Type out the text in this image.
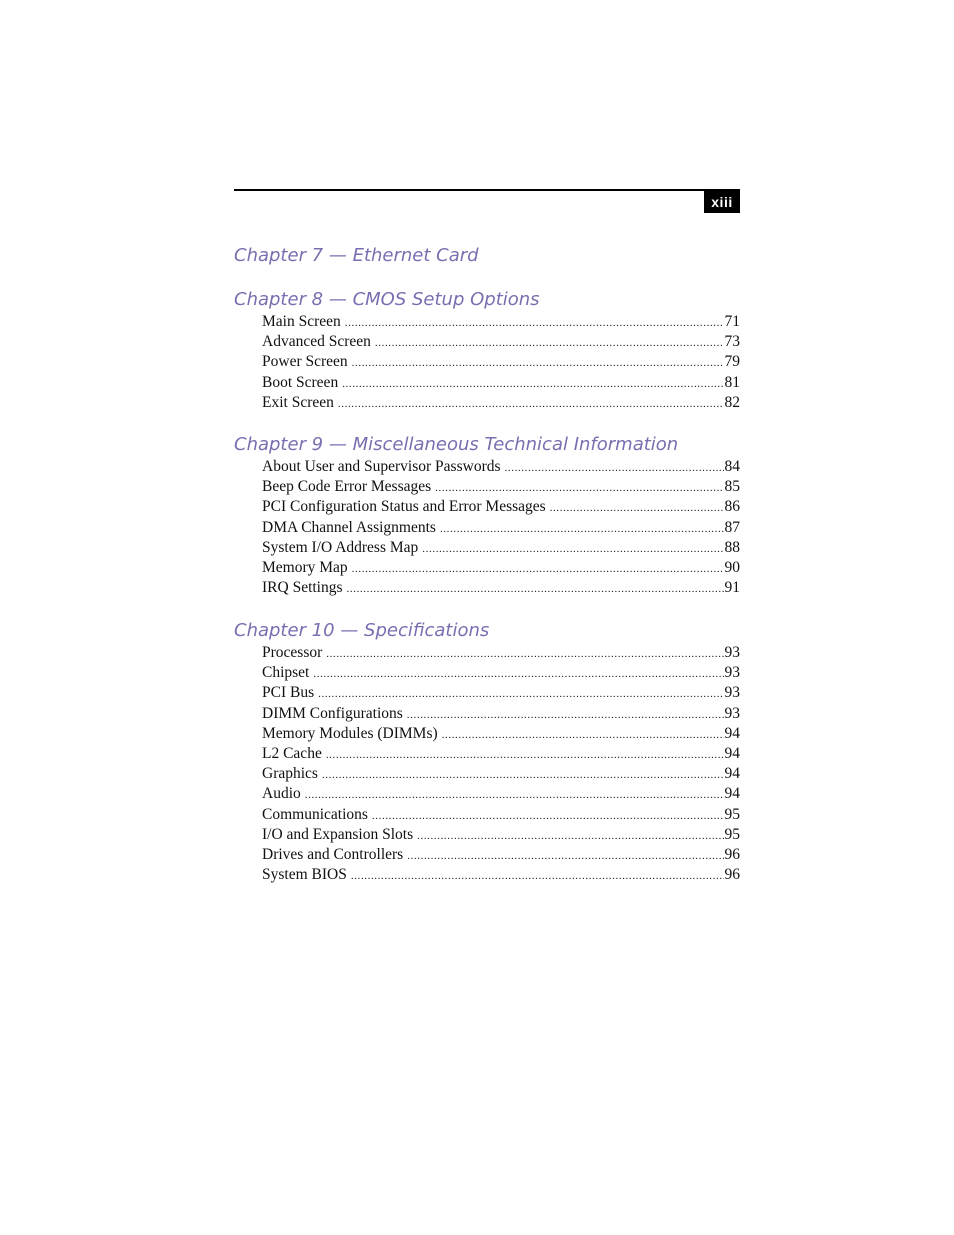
xiii
Chapter 7 — Ethernet Card
Chapter 8 — CMOS Setup Options
Main Screen .....	71
Advanced Screen .....	73
Power Screen .....	79
Boot Screen .....	81
Exit Screen .....	82
Chapter 9 — Miscellaneous Technical Information
About User and Supervisor Passwords .....	84
Beep Code Error Messages .....	85
PCI Configuration Status and Error Messages .....	86
DMA Channel Assignments .....	87
System I/O Address Map .....	88
Memory Map .....	90
IRQ Settings .....	91
Chapter 10 — Specifications
Processor .....	93
Chipset .....	93
PCI Bus .....	93
DIMM Configurations .....	93
Memory Modules (DIMMs) .....	94
L2 Cache .....	94
Graphics .....	94
Audio .....	94
Communications .....	95
I/O and Expansion Slots .....	95
Drives and Controllers .....	96
System BIOS .....	96
